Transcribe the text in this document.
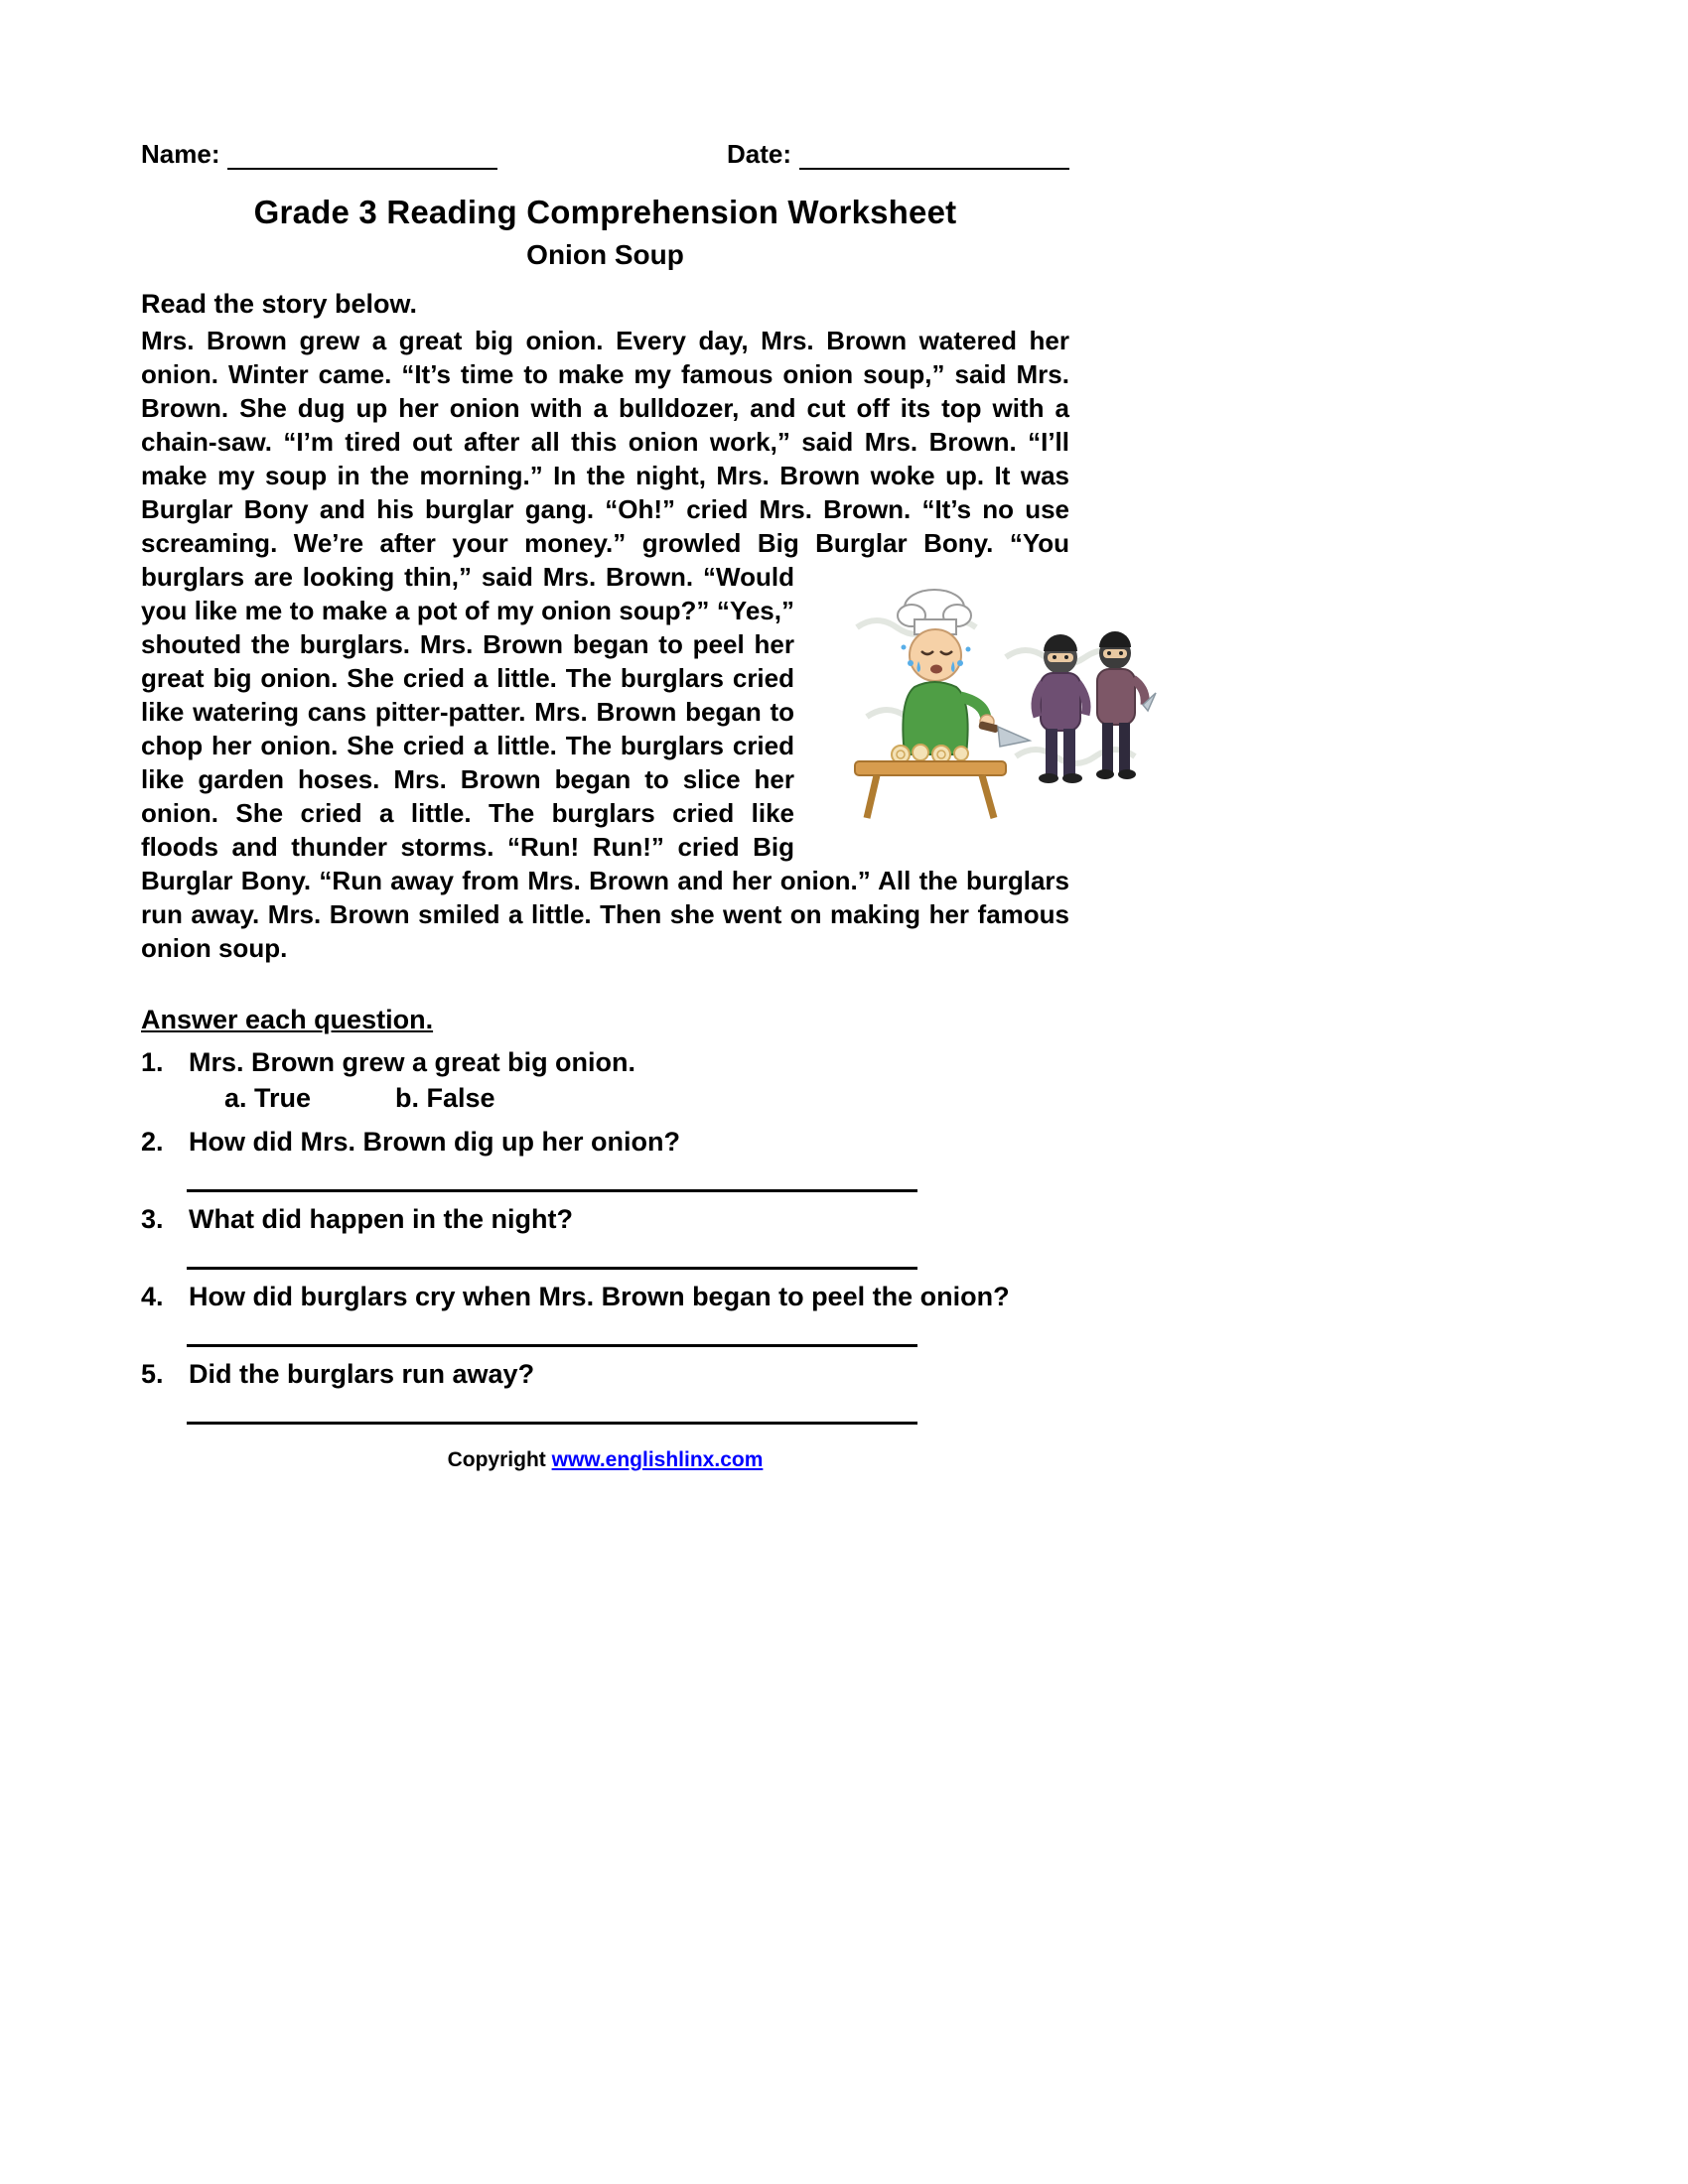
Name:	Date:
Grade 3 Reading Comprehension Worksheet
Onion Soup
Read the story below.

Mrs. Brown grew a great big onion. Every day, Mrs. Brown watered her onion. Winter came. “It’s time to make my famous onion soup,” said Mrs. Brown. She dug up her onion with a bulldozer, and cut off its top with a chain-saw. “I’m tired out after all this onion work,” said Mrs. Brown. “I’ll make my soup in the morning.” In the night, Mrs. Brown woke up. It was Burglar Bony and his burglar gang. “Oh!” cried Mrs. Brown. “It’s no use screaming. We’re after your money.” growled Big Burglar Bony. “You burglars are looking thin,” said Mrs. Brown. “Would you like me to make a pot of my onion soup?” “Yes,” shouted the burglars. Mrs. Brown began to peel her great big onion. She cried a little. The burglars cried like watering cans pitter-patter. Mrs. Brown began to chop her onion. She cried a little. The burglars cried like garden hoses. Mrs. Brown began to slice her onion. She cried a little. The burglars cried like floods and thunder storms. “Run! Run!” cried Big Burglar Bony. “Run away from Mrs. Brown and her onion.” All the burglars run away. Mrs. Brown smiled a little. Then she went on making her famous onion soup.

Answer each question.
1. Mrs. Brown grew a great big onion.
a. True	b. False
2. How did Mrs. Brown dig up her onion?
3. What did happen in the night?
4. How did burglars cry when Mrs. Brown began to peel the onion?
5. Did the burglars run away?
Copyright www.englishlinx.com
